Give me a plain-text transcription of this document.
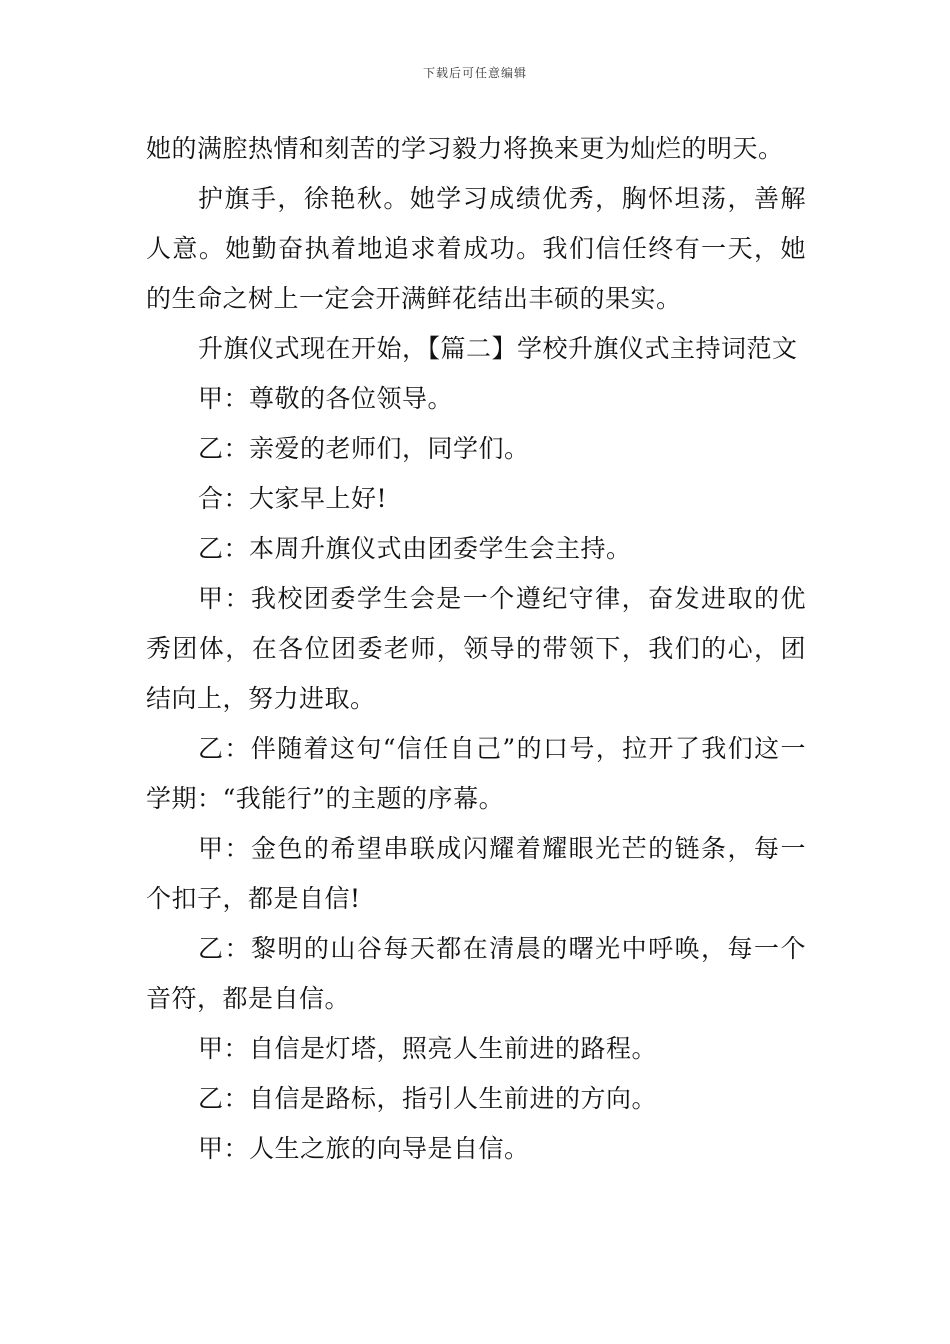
下载后可任意编辑

她的满腔热情和刻苦的学习毅力将换来更为灿烂的明天。

护旗手，徐艳秋。她学习成绩优秀，胸怀坦荡，善解人意。她勤奋执着地追求着成功。我们信任终有一天，她的生命之树上一定会开满鲜花结出丰硕的果实。

升旗仪式现在开始，【篇二】学校升旗仪式主持词范文

甲：尊敬的各位领导。

乙：亲爱的老师们，同学们。

合：大家早上好!

乙：本周升旗仪式由团委学生会主持。

甲：我校团委学生会是一个遵纪守律，奋发进取的优秀团体，在各位团委老师，领导的带领下，我们的心，团结向上，努力进取。

乙：伴随着这句“信任自己”的口号，拉开了我们这一学期：“我能行”的主题的序幕。

甲：金色的希望串联成闪耀着耀眼光芒的链条，每一个扣子，都是自信!

乙：黎明的山谷每天都在清晨的曙光中呼唤，每一个音符，都是自信。

甲：自信是灯塔，照亮人生前进的路程。

乙：自信是路标，指引人生前进的方向。

甲：人生之旅的向导是自信。
